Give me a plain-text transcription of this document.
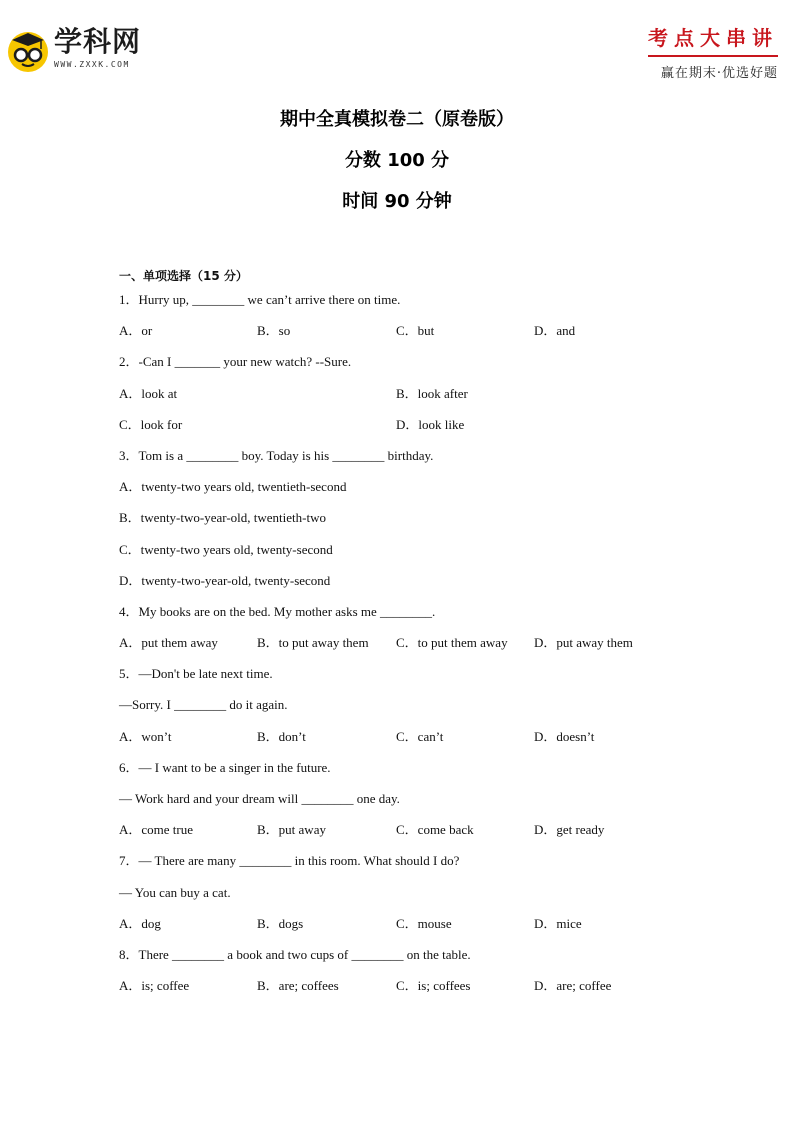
学科网
WWW.ZXXK.COM
考点大串讲
赢在期末·优选好题
期中全真模拟卷二（原卷版）
分数 100 分
时间 90 分钟
一、单项选择（15 分）
1．Hurry up, ________ we can’t arrive there on time.
A．or	B．so	C．but	D．and
2．-Can I _______ your new watch? --Sure.
A．look at	B．look after
C．look for	D．look like
3．Tom is a ________ boy. Today is his ________ birthday.
A．twenty-two years old, twentieth-second
B．twenty-two-year-old, twentieth-two
C．twenty-two years old, twenty-second
D．twenty-two-year-old, twenty-second
4．My books are on the bed. My mother asks me ________.
A．put them away	B．to put away them C．to put them away D．put away them
5．—Don't be late next time.
—Sorry. I ________ do it again.
A．won’t	B．don’t	C．can’t	D．doesn’t
6．— I want to be a singer in the future.
— Work hard and your dream will ________ one day.
A．come true	B．put away	C．come back	D．get ready
7．— There are many ________ in this room. What should I do?
— You can buy a cat.
A．dog	B．dogs	C．mouse	D．mice
8．There ________ a book and two cups of ________ on the table.
A．is; coffee	B．are; coffees	C．is; coffees	D．are; coffee
